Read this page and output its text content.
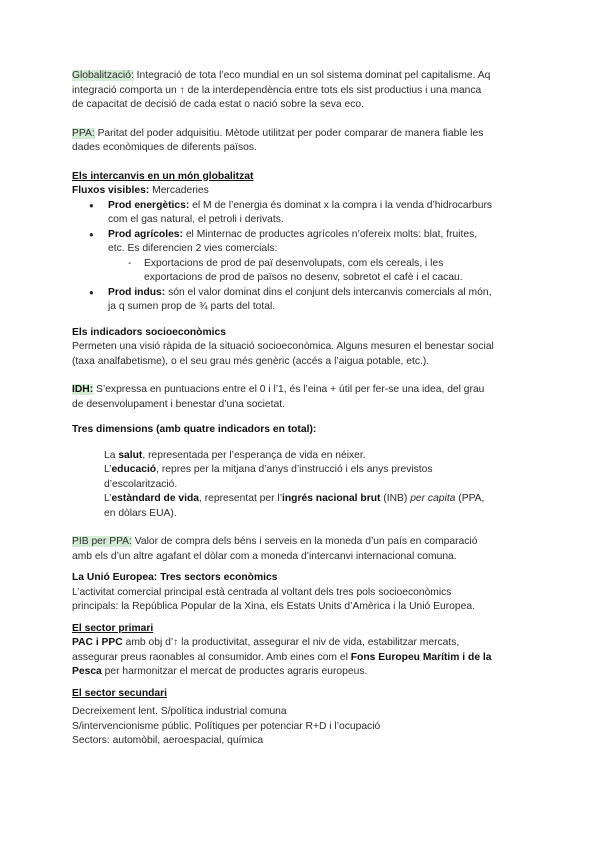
Globalització: Integració de tota l’eco mundial en un sol sistema dominat pel capitalisme. Aq

integració comporta un ↑ de la interdependència entre tots els sist productius i una manca

de capacitat de decisió de cada estat o nació sobre la seva eco.

PPA: Paritat del poder adquisitiu. Mètode utilitzat per poder comparar de manera fiable les

dades econòmiques de diferents països.

Els intercanvis en un món globalitzat

Fluxos visibles: Mercaderies

● Prod energètics: el M de l’energia és dominat x la compra i la venda d’hidrocarburs
com el gas natural, el petroli i derivats.
● Prod agrícoles: el Minternac de productes agrícoles n’ofereix molts: blat, fruites,
etc. Es diferencien 2 vies comercials:
- Exportacions de prod de paï desenvolupats, com els cereals, i les
exportacions de prod de països no desenv, sobretot el cafè i el cacau.
● Prod indus: són el valor dominat dins el conjunt dels intercanvis comercials al món,
ja q sumen prop de ¾ parts del total.

Els indicadors socioeconòmics

Permeten una visió ràpida de la situació socioeconòmica. Alguns mesuren el benestar social

(taxa analfabetisme), o el seu grau més genèric (accés a l’aigua potable, etc.).

IDH: S’expressa en puntuacions entre el 0 i l’1, és l’eina + útil per fer-se una idea, del grau

de desenvolupament i benestar d’una societat.

Tres dimensions (amb quatre indicadors en total):

La salut, representada per l’esperança de vida en néixer.

L’educació, repres per la mitjana d’anys d’instrucció i els anys previstos

d’escolarització.

L’estàndard de vida, representat per l’ingrés nacional brut (INB) per capita (PPA,

en dòlars EUA).

PIB per PPA: Valor de compra dels béns i serveis en la moneda d’un país en comparació

amb els d’un altre agafant el dòlar com a moneda d’intercanvi internacional comuna.

La Unió Europea: Tres sectors econòmics

L’activitat comercial principal està centrada al voltant dels tres pols socioeconòmics

principals: la República Popular de la Xina, els Estats Units d’Amèrica i la Unió Europea.

El sector primari

PAC i PPC amb obj d’↑ la productivitat, assegurar el niv de vida, estabilitzar mercats,

assegurar preus raonables al consumidor. Amb eines com el Fons Europeu Marítim i de la

Pesca per harmonitzar el mercat de productes agraris europeus.

El sector secundari

Decreixement lent. S/política industrial comuna

S/intervencionisme públic. Polítiques per potenciar R+D i l’ocupació

Sectors: automòbil, aeroespacial, química
